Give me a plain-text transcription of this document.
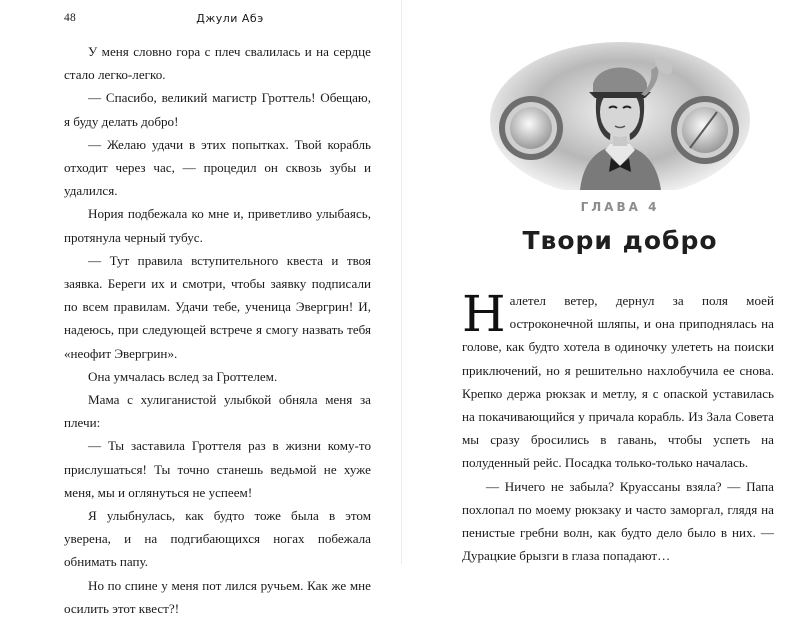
48	Джули Абэ

У меня словно гора с плеч свалилась и на сердце стало легко-легко.

— Спасибо, великий магистр Гроттель! Обещаю, я буду делать добро!

— Желаю удачи в этих попытках. Твой корабль отходит через час, — процедил он сквозь зубы и удалился.

Нория подбежала ко мне и, приветливо улыбаясь, протянула черный тубус.

— Тут правила вступительного квеста и твоя заявка. Береги их и смотри, чтобы заявку подписали по всем правилам. Удачи тебе, ученица Эвергрин! И, надеюсь, при следующей встрече я смогу назвать тебя «неофит Эвергрин».

Она умчалась вслед за Гроттелем.

Мама с хулиганистой улыбкой обняла меня за плечи:

— Ты заставила Гроттеля раз в жизни кому-то прислушаться! Ты точно станешь ведьмой не хуже меня, мы и оглянуться не успеем!

Я улыбнулась, как будто тоже была в этом уверена, и на подгибающихся ногах побежала обнимать папу.

Но по спине у меня пот лился ручьем. Как же мне осилить этот квест?!

ГЛАВА 4
Твори добро

Налетел ветер, дернул за поля моей остроконечной шляпы, и она приподнялась на голове, как будто хотела в одиночку улететь на поиски приключений, но я решительно нахлобучила ее снова. Крепко держа рюкзак и метлу, я с опаской уставилась на покачивающийся у причала корабль. Из Зала Совета мы сразу бросились в гавань, чтобы успеть на полуденный рейс. Посадка только-только началась.

— Ничего не забыла? Круассаны взяла? — Папа похлопал по моему рюкзаку и часто заморгал, глядя на пенистые гребни волн, как будто дело было в них. — Дурацкие брызги в глаза попадают…
